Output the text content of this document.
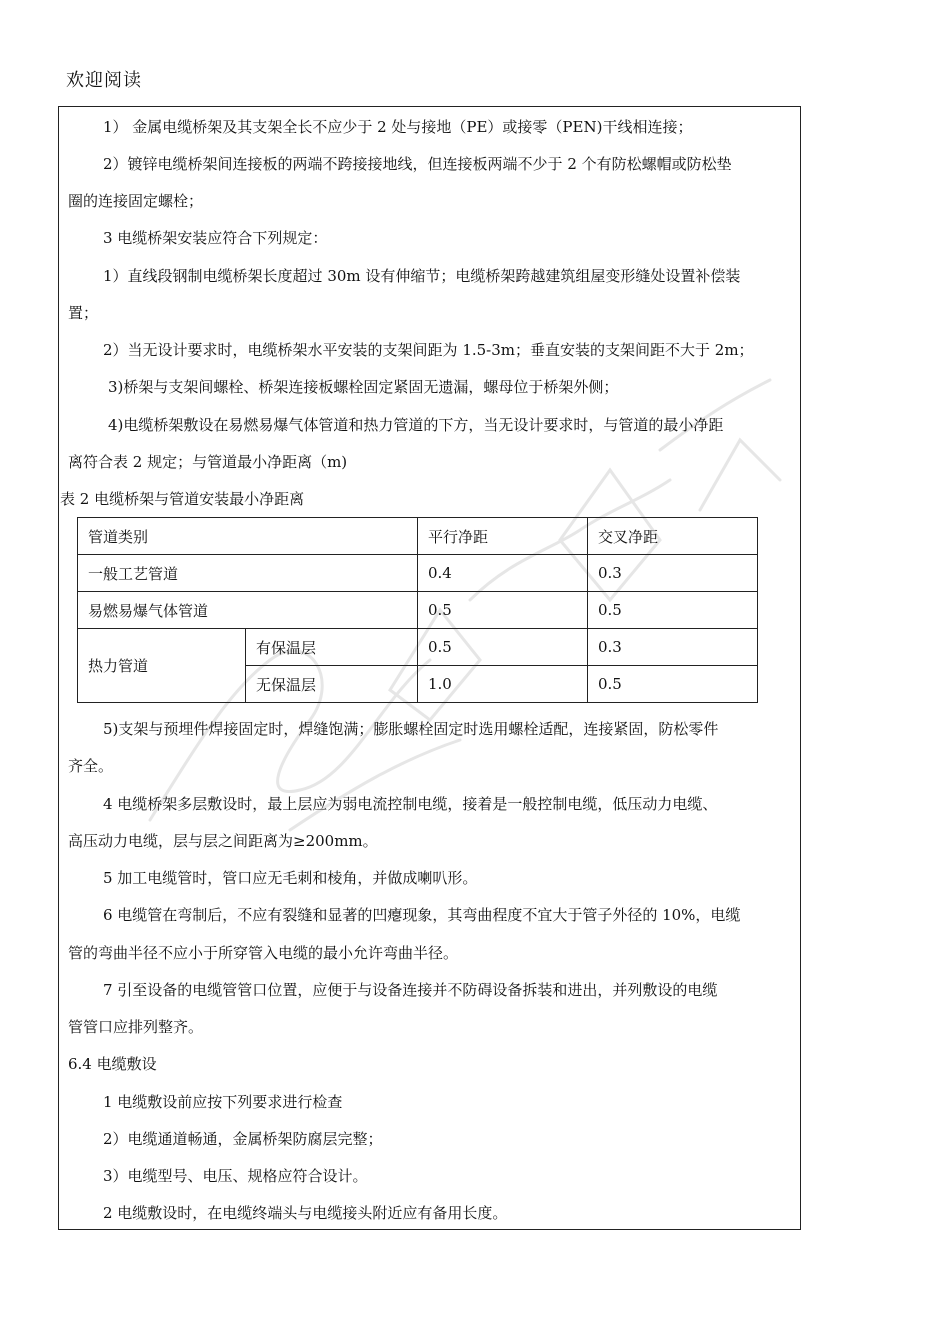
欢迎阅读
1） 金属电缆桥架及其支架全长不应少于 2 处与接地（PE）或接零（PEN)干线相连接；
2）镀锌电缆桥架间连接板的两端不跨接接地线，但连接板两端不少于 2 个有防松螺帽或防松垫
圈的连接固定螺栓；
3 电缆桥架安装应符合下列规定：
1）直线段钢制电缆桥架长度超过 30m 设有伸缩节；电缆桥架跨越建筑组屋变形缝处设置补偿装
置；
2）当无设计要求时，电缆桥架水平安装的支架间距为 1.5-3m；垂直安装的支架间距不大于 2m；
3)桥架与支架间螺栓、桥架连接板螺栓固定紧固无遗漏，螺母位于桥架外侧；
4)电缆桥架敷设在易燃易爆气体管道和热力管道的下方，当无设计要求时，与管道的最小净距
离符合表 2 规定；与管道最小净距离（m)
表 2 电缆桥架与管道安装最小净距离
管道类别		平行净距	交叉净距
一般工艺管道		0.4	0.3
易燃易爆气体管道		0.5	0.5
热力管道	有保温层	0.5	0.3
	无保温层	1.0	0.5
5)支架与预埋件焊接固定时，焊缝饱满；膨胀螺栓固定时选用螺栓适配，连接紧固，防松零件
齐全。
4 电缆桥架多层敷设时，最上层应为弱电流控制电缆，接着是一般控制电缆，低压动力电缆、
高压动力电缆，层与层之间距离为≥200mm。
5 加工电缆管时，管口应无毛刺和棱角，并做成喇叭形。
6 电缆管在弯制后，不应有裂缝和显著的凹瘪现象，其弯曲程度不宜大于管子外径的 10%，电缆
管的弯曲半径不应小于所穿管入电缆的最小允许弯曲半径。
7 引至设备的电缆管管口位置，应便于与设备连接并不防碍设备拆装和进出，并列敷设的电缆
管管口应排列整齐。
6.4 电缆敷设
1 电缆敷设前应按下列要求进行检查
2）电缆通道畅通，金属桥架防腐层完整；
3）电缆型号、电压、规格应符合设计。
2 电缆敷设时，在电缆终端头与电缆接头附近应有备用长度。
